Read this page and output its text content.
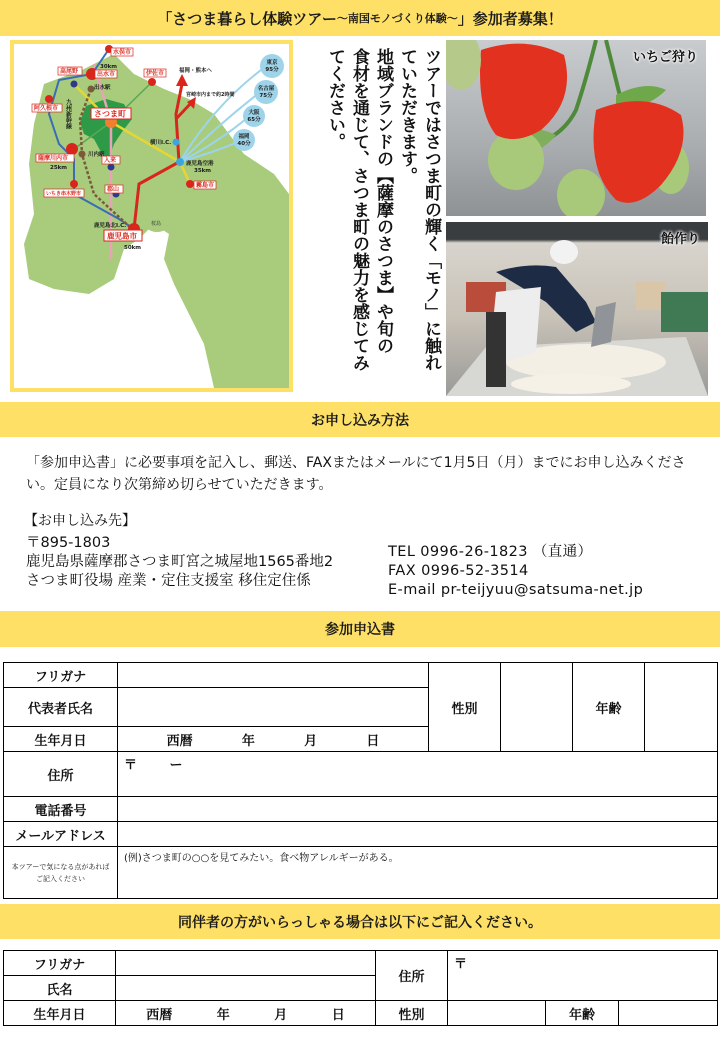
「さつま暮らし体験ツアー 〜南国モノづくり体験〜 」参加者募集！
桜島
東京
95分
名古屋
75分
大阪
65分
福岡
40分
さつま町
鹿児島市
出水市
水俣市
伊佐市
高尾野
阿久根市
薩摩川内市
いちき串木野市
入来
郡山
霧島市
30km
出水駅
川内駅
25km
50km
鹿児島北I.C.
横川I.C.
鹿児島空港
35km
福岡・熊本へ
宮崎市内まで約2時間
九州新幹線	ツアーではさつま町の輝く「モノ」に触れ

ていただきます。

地域ブランドの【薩摩のさつま】や旬の

食材を通じて、さつま町の魅力を感じてみ

てください。	いちご狩り
飴作り
お申し込み方法
「参加申込書」に必要事項を記入し、郵送、FAXまたはメールにて1月5日（月）までにお申し込みください。定員になり次第締め切らせていただきます。
【お申し込み先】
〒895-1803
鹿児島県薩摩郡さつま町宮之城屋地1565番地2
さつま町役場 産業・定住支援室 移住定住係
TEL 0996-26-1823 （直通）
FAX 0996-52-3514
E-mail pr-teijyuu@satsuma-net.jp
参加申込書
フリガナ		性別		年齢	
代表者氏名					
生年月日	西暦 年 月 日				

住所	〒 ー				
電話番号					
メールアドレス					

本ツアーで気になる点があれば
ご記入ください	(例)さつま町の○○を見てみたい。食べ物アレルギーがある。				
同伴者の方がいらっしゃる場合は以下にご記入ください。
フリガナ		住所	〒		
氏名					
生年月日	西暦 年 月 日	性別		年齢	
